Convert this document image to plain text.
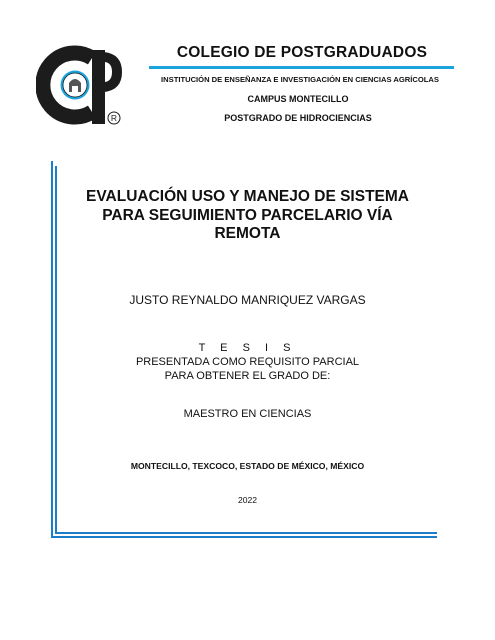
R
COLEGIO DE POSTGRADUADOS
INSTITUCIÓN DE ENSEÑANZA E INVESTIGACIÓN EN CIENCIAS AGRÍCOLAS
CAMPUS MONTECILLO
POSTGRADO DE HIDROCIENCIAS
EVALUACIÓN USO Y MANEJO DE SISTEMA
PARA SEGUIMIENTO PARCELARIO VÍA
REMOTA
JUSTO REYNALDO MANRIQUEZ VARGAS
T E S I S
PRESENTADA COMO REQUISITO PARCIAL
PARA OBTENER EL GRADO DE:
MAESTRO EN CIENCIAS
MONTECILLO, TEXCOCO, ESTADO DE MÉXICO, MÉXICO
2022
